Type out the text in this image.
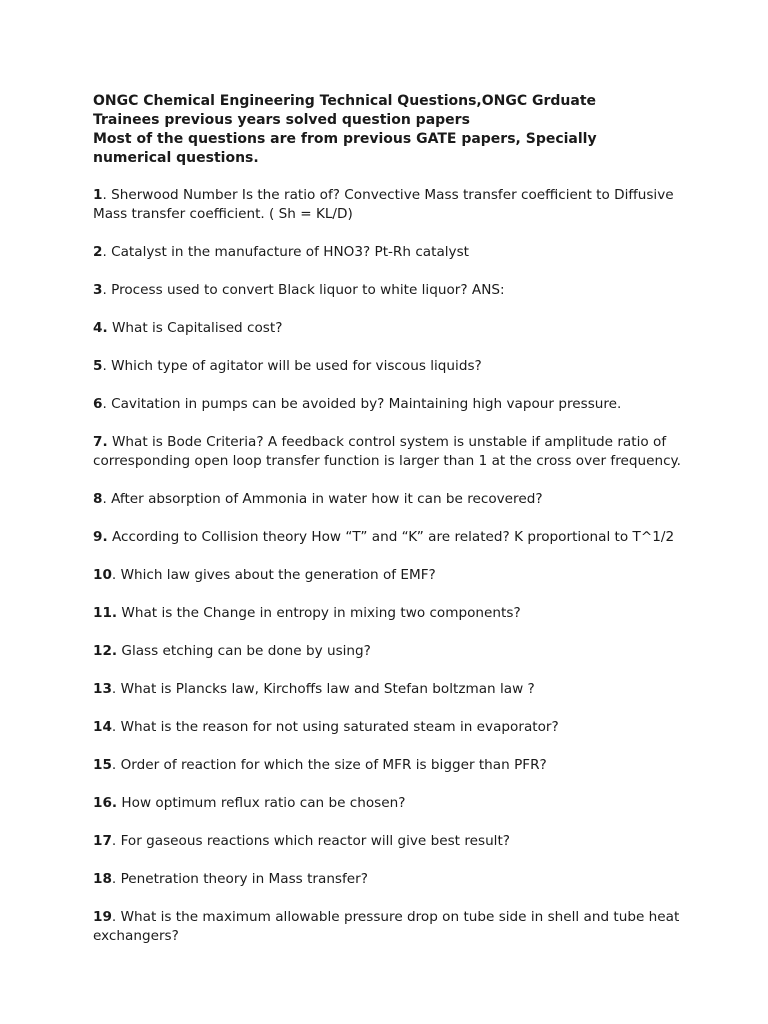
ONGC Chemical Engineering Technical Questions,ONGC Grduate
Trainees previous years solved question papers
Most of the questions are from previous GATE papers, Specially
numerical questions.
1. Sherwood Number Is the ratio of? Convective Mass transfer coefficient to Diffusive Mass transfer coefficient. ( Sh = KL/D)
2. Catalyst in the manufacture of HNO3? Pt-Rh catalyst
3. Process used to convert Black liquor to white liquor? ANS:
4. What is Capitalised cost?
5. Which type of agitator will be used for viscous liquids?
6. Cavitation in pumps can be avoided by? Maintaining high vapour pressure.
7. What is Bode Criteria? A feedback control system is unstable if amplitude ratio of corresponding open loop transfer function is larger than 1 at the cross over frequency.
8. After absorption of Ammonia in water how it can be recovered?
9. According to Collision theory How “T” and “K” are related? K proportional to T^1/2
10. Which law gives about the generation of EMF?
11. What is the Change in entropy in mixing two components?
12. Glass etching can be done by using?
13. What is Plancks law, Kirchoffs law and Stefan boltzman law ?
14. What is the reason for not using saturated steam in evaporator?
15. Order of reaction for which the size of MFR is bigger than PFR?
16. How optimum reflux ratio can be chosen?
17. For gaseous reactions which reactor will give best result?
18. Penetration theory in Mass transfer?
19. What is the maximum allowable pressure drop on tube side in shell and tube heat exchangers?
